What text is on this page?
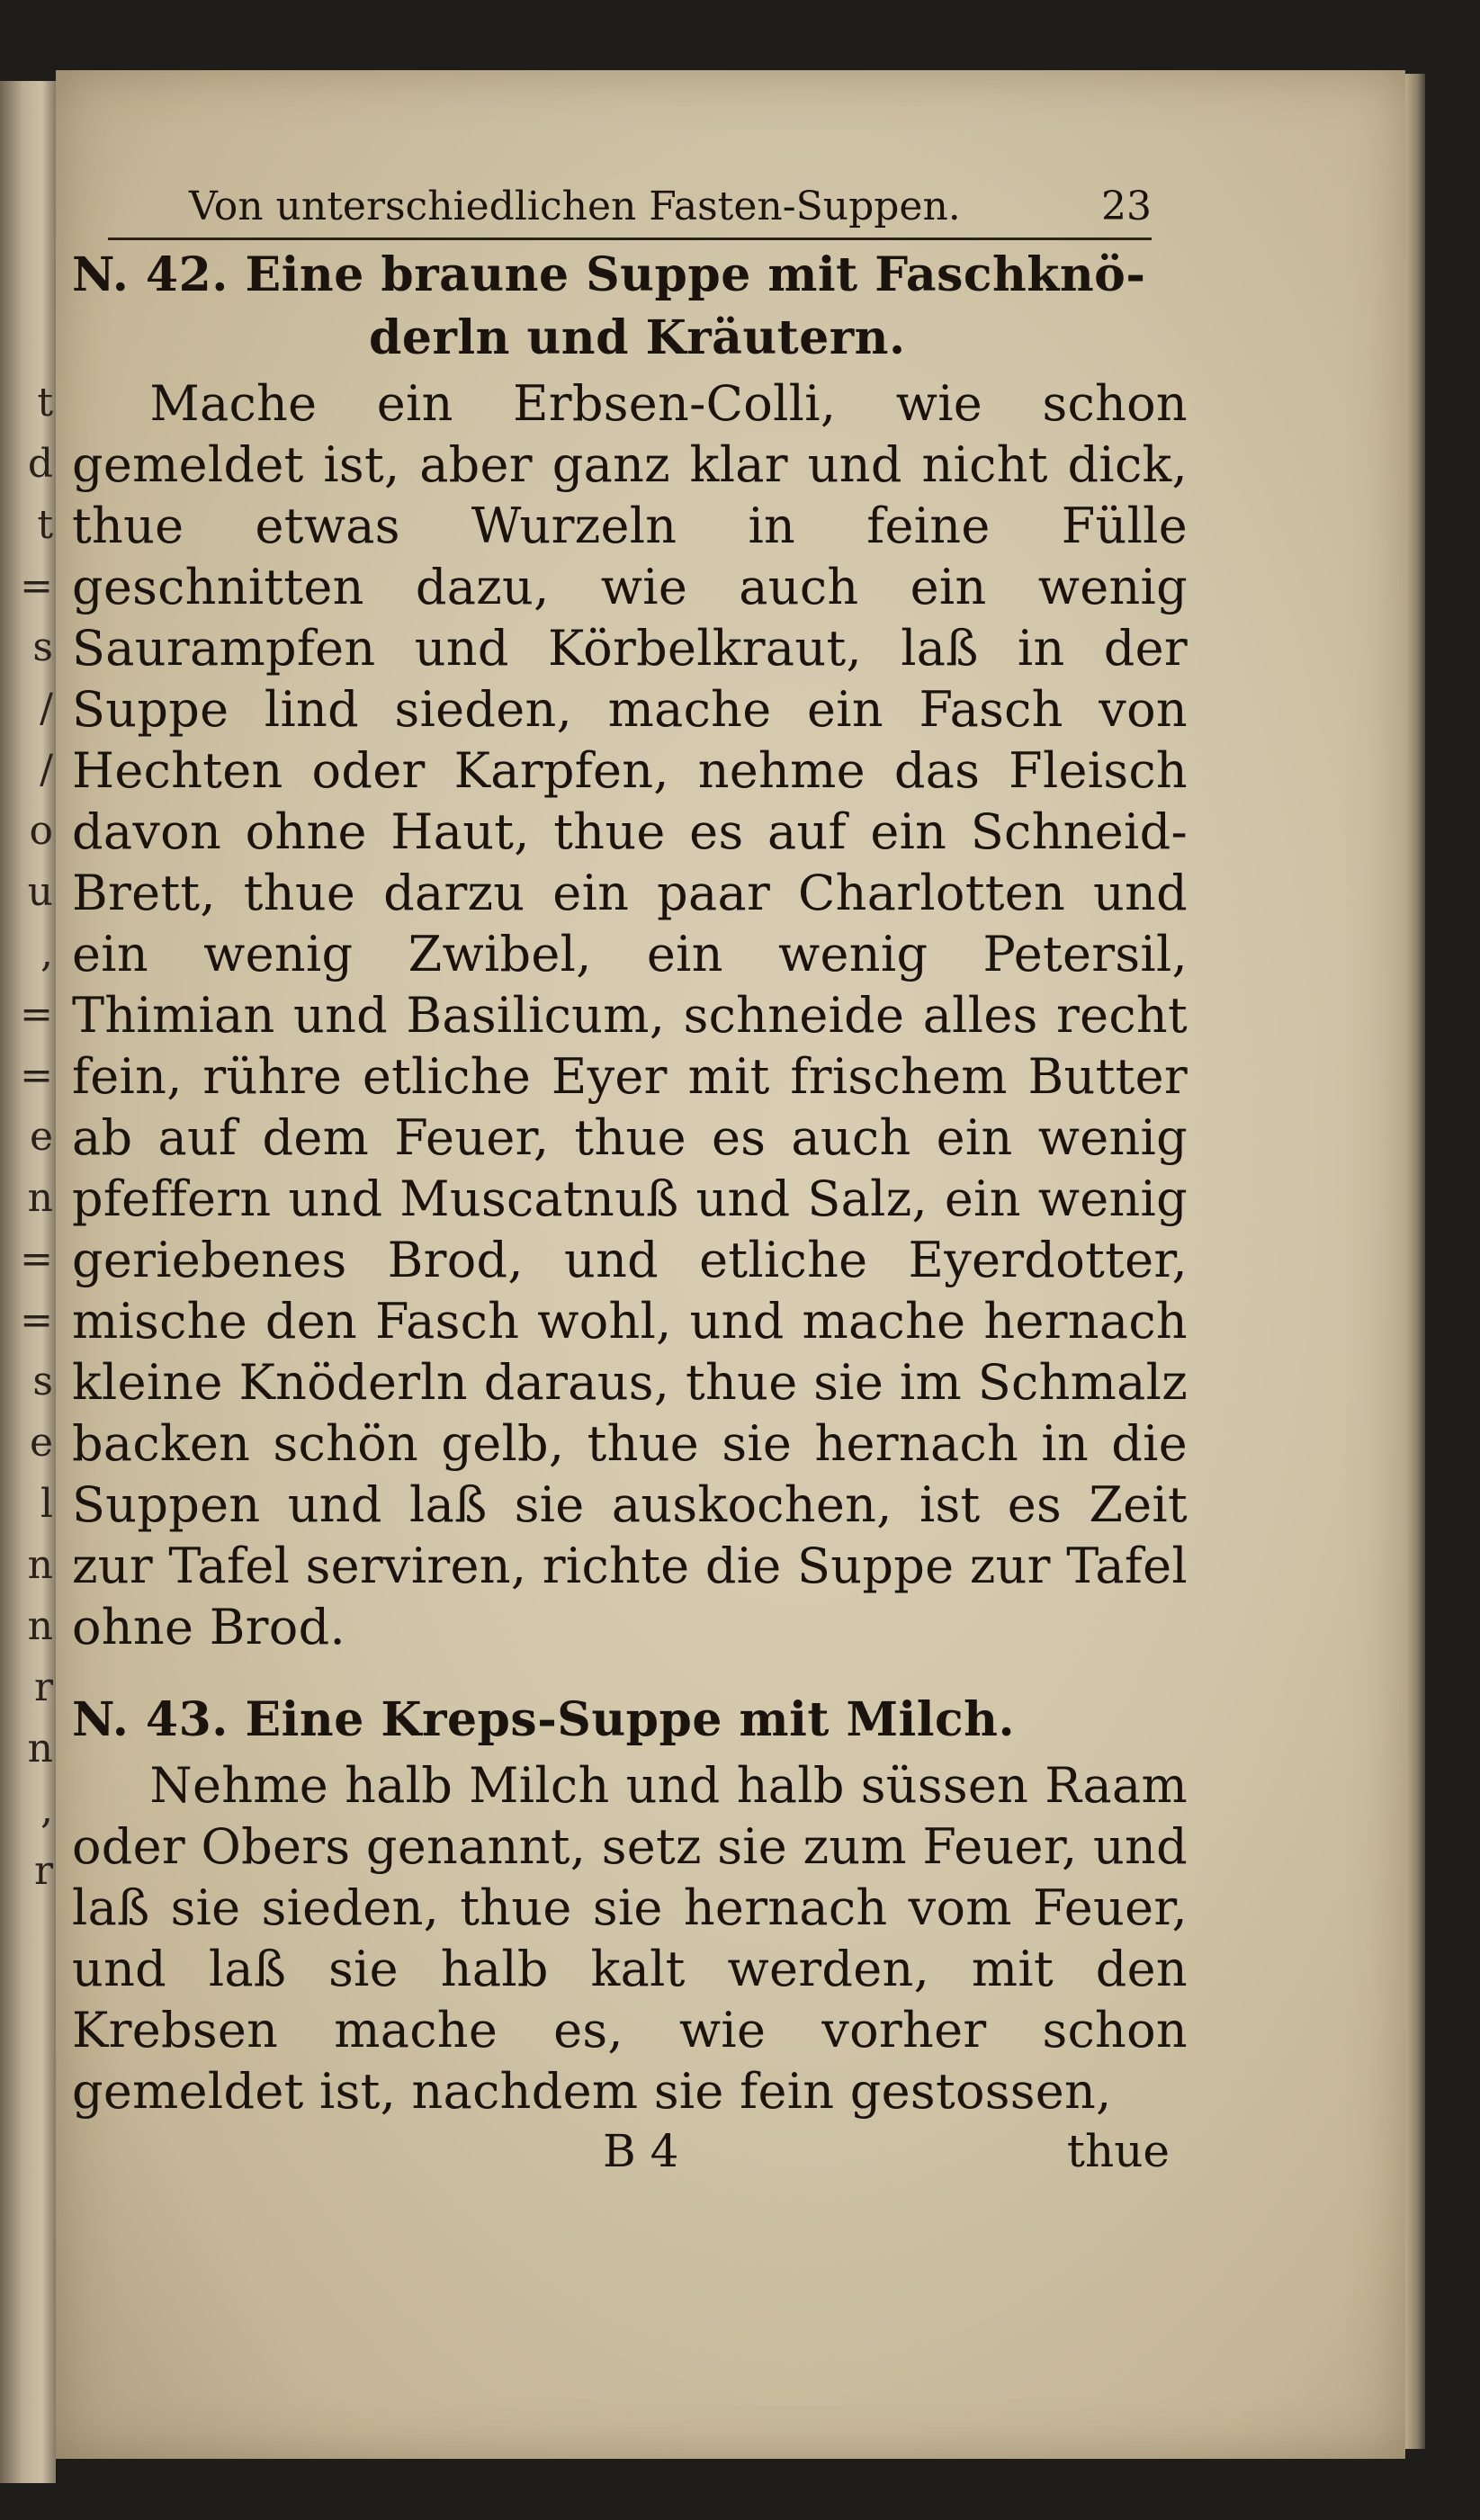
t
d
t
=
s
/
/
o
u
,
=
=
e
n
=
=
s
e
l
n
n
r
n
,
r
Von unterschiedlichen Fasten-Suppen.	23
N. 42. Eine braune Suppe mit Faschknö-
derln und Kräutern.

Mache ein Erbsen-Colli, wie schon gemeldet ist, aber ganz klar und nicht dick, thue etwas Wurzeln in feine Fülle geschnitten dazu, wie auch ein wenig Saurampfen und Körbelkraut, laß in der Suppe lind sieden, mache ein Fasch von Hechten oder Karpfen, nehme das Fleisch davon ohne Haut, thue es auf ein Schneid-Brett, thue darzu ein paar Charlotten und ein wenig Zwibel, ein wenig Petersil, Thimian und Basilicum, schneide alles recht fein, rühre etliche Eyer mit frischem Butter ab auf dem Feuer, thue es auch ein wenig pfeffern und Muscatnuß und Salz, ein wenig geriebenes Brod, und etliche Eyerdotter, mische den Fasch wohl, und mache hernach kleine Knöderln daraus, thue sie im Schmalz backen schön gelb, thue sie hernach in die Suppen und laß sie auskochen, ist es Zeit zur Tafel serviren, richte die Suppe zur Tafel ohne Brod.

N. 43. Eine Kreps-Suppe mit Milch.

Nehme halb Milch und halb süssen Raam oder Obers genannt, setz sie zum Feuer, und laß sie sieden, thue sie hernach vom Feuer, und laß sie halb kalt werden, mit den Krebsen mache es, wie vorher schon gemeldet ist, nachdem sie fein gestossen,

B 4	thue
